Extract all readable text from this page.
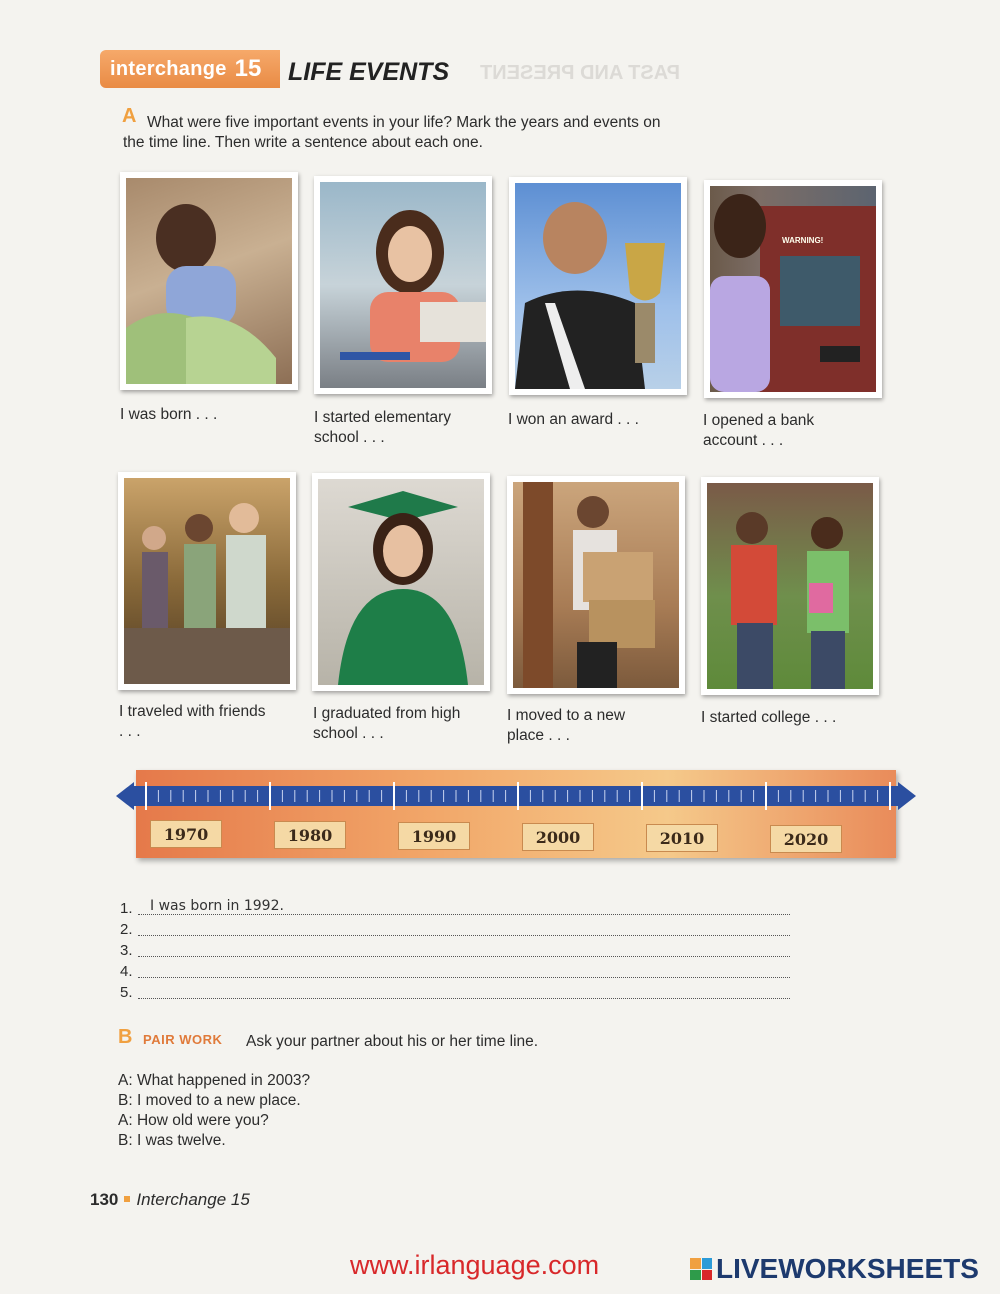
PAST AND PRESENT
interchange 15 LIFE EVENTS
A What were five important events in your life? Mark the years and events on the time line. Then write a sentence about each one.
WARNING!
I was born . . .	I started elementary school . . .
I won an award . . .	I opened a bank account . . .
I traveled with friends . . .
I graduated from high school . . .
I moved to a new place . . .
I started college . . .
1970	1980	1990	2000	2010	2020
1. I was born in 1992.
2.
3.
4.
5.
B PAIR WORK Ask your partner about his or her time line.
A: What happened in 2003?
B: I moved to a new place.
A: How old were you?
B: I was twelve.
130 Interchange 15
www.irlanguage.com	LIVEWORKSHEETS
